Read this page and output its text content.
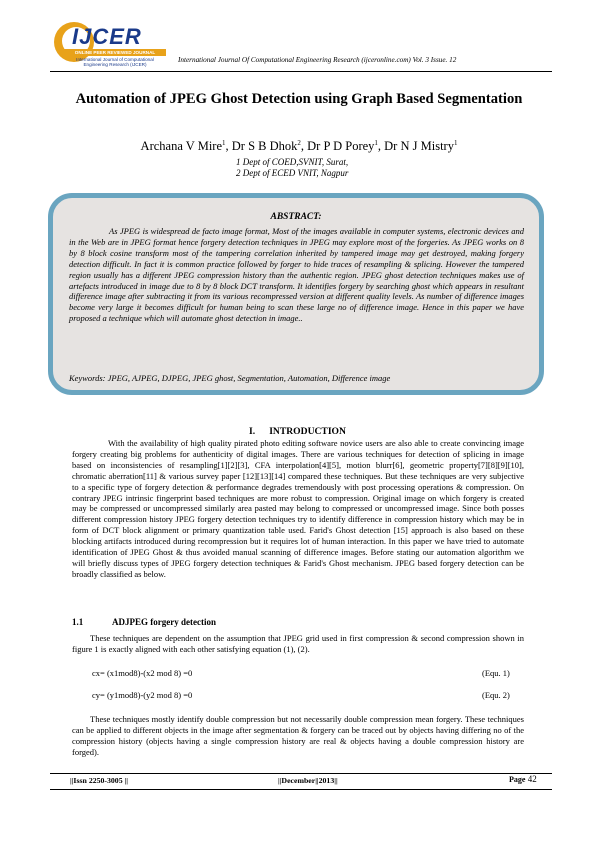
IJCER
ONLINE PEER REVIEWED JOURNAL
International Journal of Computational Engineering Research (IJCER)
International Journal Of Computational Engineering Research (ijceronline.com) Vol. 3 Issue. 12
Automation of JPEG Ghost Detection using Graph Based Segmentation
Archana V Mire$^1$, Dr S B Dhok$^2$, Dr P D Porey$^1$, Dr N J Mistry$^1$
1 Dept of COED,SVNIT, Surat,
2 Dept of ECED VNIT, Nagpur
ABSTRACT:
As JPEG is widespread de facto image format, Most of the images available in computer systems, electronic devices and in the Web are in JPEG format hence forgery detection techniques in JPEG may explore most of the forgeries. As JPEG works on 8 by 8 block cosine transform most of the tampering correlation inherited by tampered image may get destroyed, making forgery detection difficult. In fact it is common practice followed by forger to hide traces of resampling & splicing. However the tampered region usually has a different JPEG compression history than the authentic region. JPEG ghost detection techniques makes use of artefacts introduced in image due to 8 by 8 block DCT transform. It identifies forgery by searching ghost which appears in resultant difference image after subtracting it from its various recompressed version at different quality levels. As number of difference images become very large it becomes difficult for human being to scan these large no of difference image. Hence in this paper we have proposed a technique which will automate ghost detection in image..
Keywords: JPEG, AJPEG, DJPEG, JPEG ghost, Segmentation, Automation, Difference image
I. INTRODUCTION
With the availability of high quality pirated photo editing software novice users are also able to create convincing image forgery creating big problems for authenticity of digital images. There are various techniques for detection of splicing in image based on inconsistencies of resampling[1][2][3], CFA interpolation[4][5], motion blurr[6], geometric property[7][8][9][10], chromatic aberration[11] & various survey paper [12][13][14] compared these techniques. But these techniques are very subjective to a specific type of forgery detection & performance degrades tremendously with post processing operations & compression. On contrary JPEG intrinsic fingerprint based techniques are more robust to compression. Original image on which forgery is created may be compressed or uncompressed similarly area pasted may belong to compressed or uncompressed image. Since both posses different compression history JPEG forgery detection techniques try to identify difference in compression history which may be in form of DCT block alignment or primary quantization table used. Farid's Ghost detection [15] approach is also based on these blocking artifacts introduced during recompression but it requires lot of human interaction. In this paper we have tried to automate identification of JPEG Ghost & thus avoided manual scanning of difference images. Before stating our automation algorithm we will briefly discuss types of JPEG forgery detection techniques & Farid's Ghost mechanism. JPEG based forgery detection can be broadly classified as below.
1.1	ADJPEG forgery detection
These techniques are dependent on the assumption that JPEG grid used in first compression & second compression shown in figure 1 is exactly aligned with each other satisfying equation (1), (2).
cx= (x1mod8)-(x2 mod 8) =0	(Equ. 1)
cy= (y1mod8)-(y2 mod 8) =0	(Equ. 2)
These techniques mostly identify double compression but not necessarily double compression mean forgery. These techniques can be applied to different objects in the image after segmentation & forgery can be traced out by objects having differing no of the compression history (objects having a single compression history are real & objects having a double compression history are forged).
||Issn 2250-3005 ||	||December||2013||	Page 42
